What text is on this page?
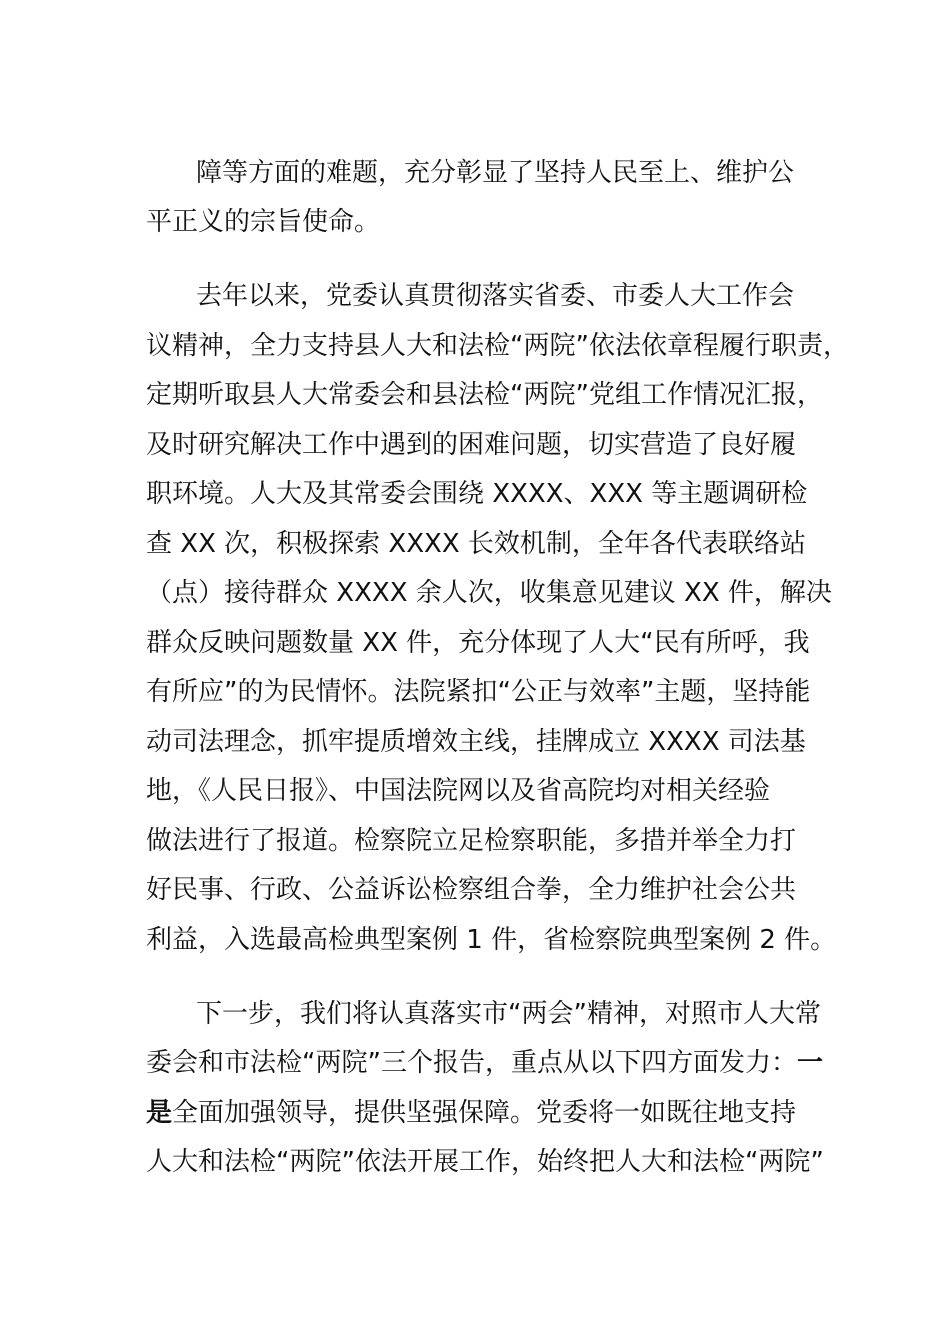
障等方面的难题，充分彰显了坚持人民至上、维护公
平正义的宗旨使命。
去年以来，党委认真贯彻落实省委、市委人大工作会
议精神，全力支持县人大和法检“两院”依法依章程履行职责，
定期听取县人大常委会和县法检“两院”党组工作情况汇报，
及时研究解决工作中遇到的困难问题，切实营造了良好履
职环境。人大及其常委会围绕 XXXX、XXX 等主题调研检
查 XX 次，积极探索 XXXX 长效机制，全年各代表联络站
（点）接待群众 XXXX 余人次，收集意见建议 XX 件，解决
群众反映问题数量 XX 件，充分体现了人大“民有所呼，我
有所应”的为民情怀。法院紧扣“公正与效率”主题，坚持能
动司法理念，抓牢提质增效主线，挂牌成立 XXXX 司法基
地，《人民日报》、中国法院网以及省高院均对相关经验
做法进行了报道。检察院立足检察职能，多措并举全力打
好民事、行政、公益诉讼检察组合拳，全力维护社会公共
利益，入选最高检典型案例 1 件，省检察院典型案例 2 件。
下一步，我们将认真落实市“两会”精神，对照市人大常
委会和市法检“两院”三个报告，重点从以下四方面发力：一
是全面加强领导，提供坚强保障。党委将一如既往地支持
人大和法检“两院”依法开展工作，始终把人大和法检“两院”
